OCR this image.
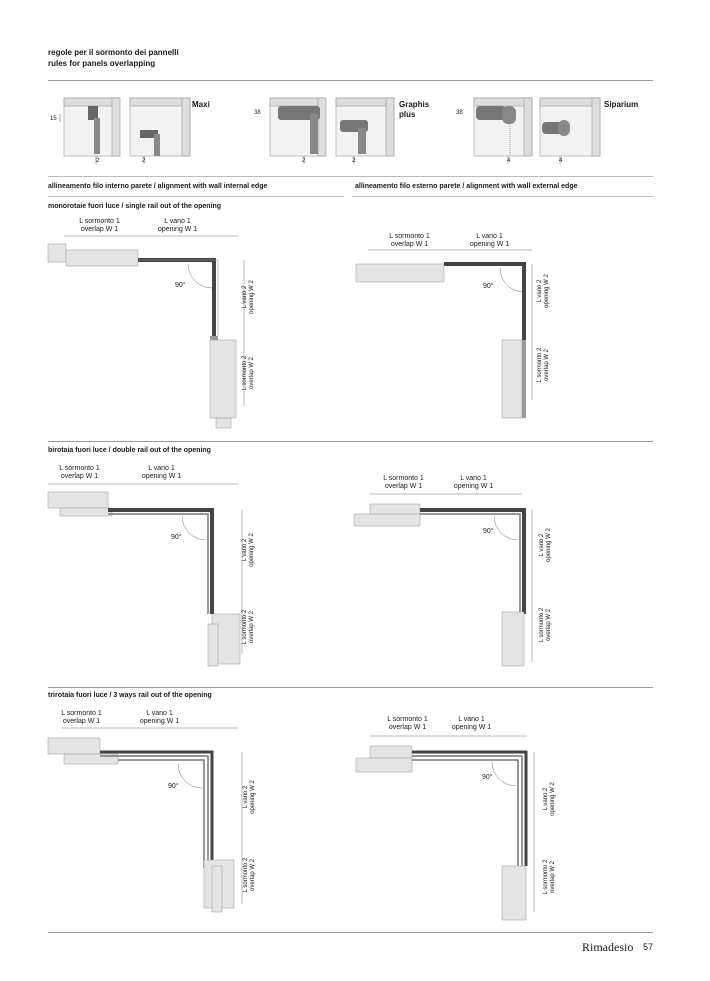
regole per il sormonto dei pannelli
rules for panels overlapping
15
2	2
Maxi
38
2	2
Graphis plus	38
4	4
Siparium
allineamento filo interno parete / alignment with wall internal edge	allineamento filo esterno parete / alignment with wall external edge
monorotaie fuori luce / single rail out of the opening
birotaia fuori luce / double rail out of the opening
trirotaia fuori luce / 3 ways rail out of the opening
L sormonto 1
overlap W 1
L vano 1
opening W 1
90°
L vano 2
opening W 2
L sormonto 2
overlap W 2
L sormonto 1
overlap W 1
L vano 1
opening W 1
90°	L vano 2
opening W 2
L sormonto 2
overlap W 2
L sormonto 1
overlap W 1
L vano 1
opening W 1
90°
L vano 2
opening W 2
L sormonto 2
overlap W 2
L sormonto 1
overlap W 1
L vano 1
opening W 1
90°
L vano 2
opening W 2
L sormonto 2
overlap W 2
L sormonto 1
overlap W 1
L vano 1
opening W 1
90°	L vano 2
opening W 2
L sormonto 2
overlap W 2
L sormonto 1
overlap W 1
L vano 1
opening W 1
90°
L vano 2
opening W 2
L sormonto 2
overlap W 2
Rimadesio 57
